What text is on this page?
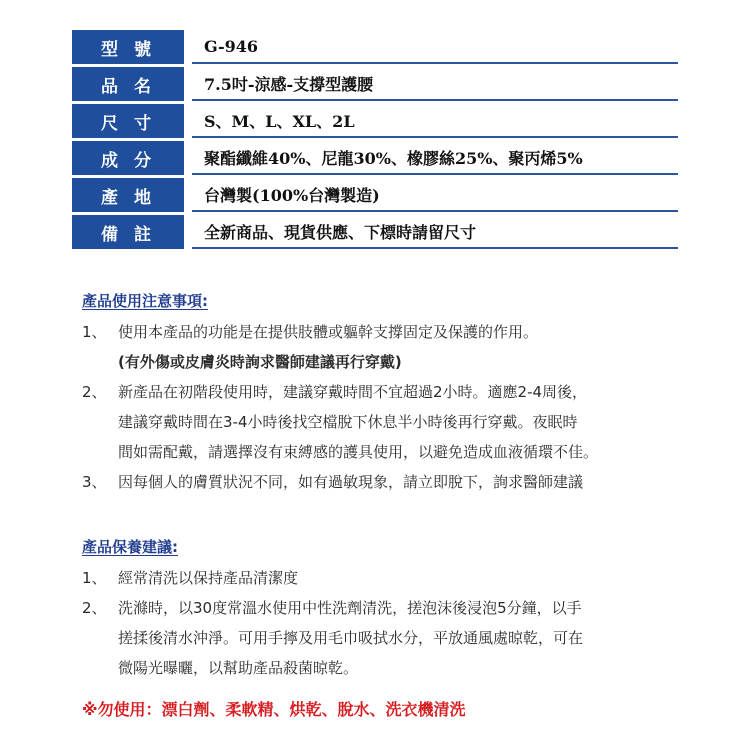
型號	G-946
品名	7.5吋-涼感-支撐型護腰
尺寸	S、M、L、XL、2L
成分	聚酯纖維40%、尼龍30%、橡膠絲25%、聚丙烯5%
產地	台灣製(100%台灣製造)
備註	全新商品、現貨供應、下標時請留尺寸
產品使用注意事項:
1、 使用本產品的功能是在提供肢體或軀幹支撐固定及保護的作用。
(有外傷或皮膚炎時詢求醫師建議再行穿戴)
2、 新產品在初階段使用時，建議穿戴時間不宜超過2小時。適應2-4周後，
建議穿戴時間在3-4小時後找空檔脫下休息半小時後再行穿戴。夜眠時
間如需配戴，請選擇沒有束縛感的護具使用，以避免造成血液循環不佳。
3、 因每個人的膚質狀況不同，如有過敏現象，請立即脫下，詢求醫師建議
產品保養建議:
1、 經常清洗以保持產品清潔度
2、 洗滌時，以30度常溫水使用中性洗劑清洗，搓泡沫後浸泡5分鐘，以手
搓揉後清水沖淨。可用手擰及用毛巾吸拭水分，平放通風處晾乾，可在
微陽光曝曬，以幫助產品殺菌晾乾。
※勿使用：漂白劑、柔軟精、烘乾、脫水、洗衣機清洗
